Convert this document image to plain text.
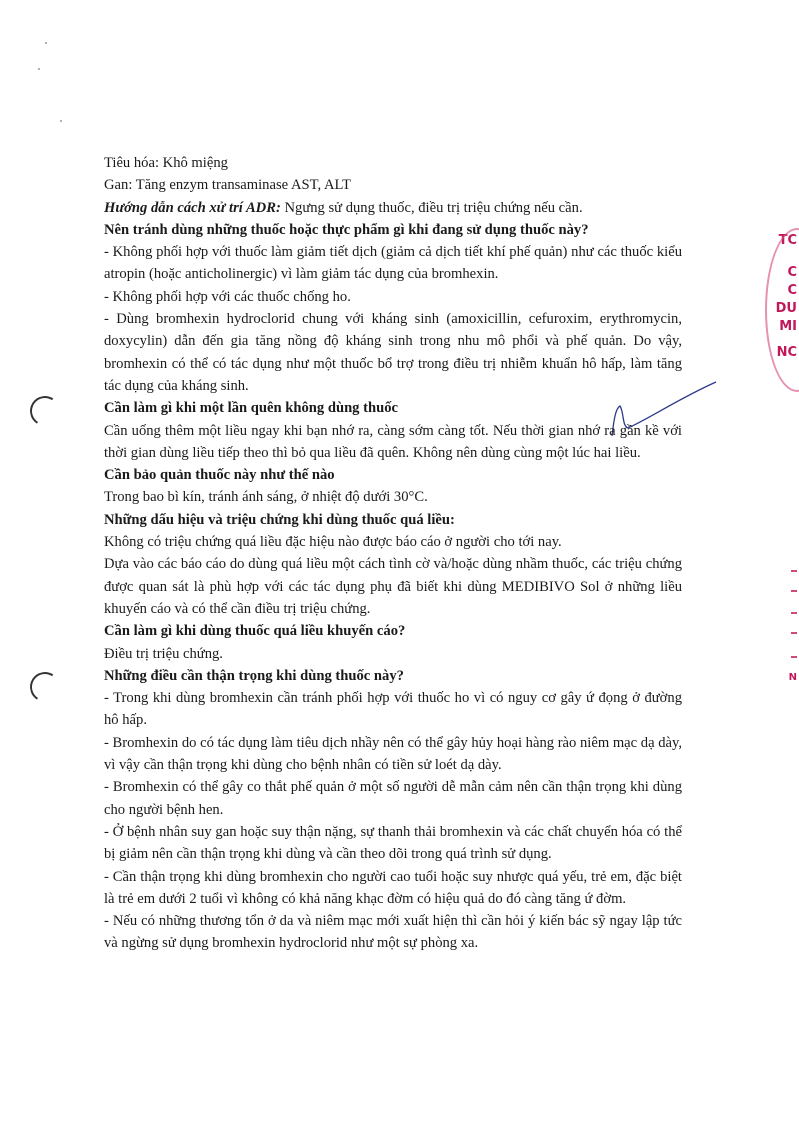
TC
C
C
DU
MI
NC
N

Tiêu hóa: Khô miệng

Gan: Tăng enzym transaminase AST, ALT

Hướng dẫn cách xử trí ADR: Ngưng sử dụng thuốc, điều trị triệu chứng nếu cần.

Nên tránh dùng những thuốc hoặc thực phẩm gì khi đang sử dụng thuốc này?

- Không phối hợp với thuốc làm giảm tiết dịch (giảm cả dịch tiết khí phế quản) như các thuốc kiểu atropin (hoặc anticholinergic) vì làm giảm tác dụng của bromhexin.

- Không phối hợp với các thuốc chống ho.

- Dùng bromhexin hydroclorid chung với kháng sinh (amoxicillin, cefuroxim, erythromycin, doxycylin) dẫn đến gia tăng nồng độ kháng sinh trong nhu mô phổi và phế quản. Do vậy, bromhexin có thể có tác dụng như một thuốc bổ trợ trong điều trị nhiễm khuẩn hô hấp, làm tăng tác dụng của kháng sinh.

Cần làm gì khi một lần quên không dùng thuốc

Cần uống thêm một liều ngay khi bạn nhớ ra, càng sớm càng tốt. Nếu thời gian nhớ ra gần kề với thời gian dùng liều tiếp theo thì bỏ qua liều đã quên. Không nên dùng cùng một lúc hai liều.

Cần bảo quản thuốc này như thế nào

Trong bao bì kín, tránh ánh sáng, ở nhiệt độ dưới 30°C.

Những dấu hiệu và triệu chứng khi dùng thuốc quá liều:

Không có triệu chứng quá liều đặc hiệu nào được báo cáo ở người cho tới nay.

Dựa vào các báo cáo do dùng quá liều một cách tình cờ và/hoặc dùng nhầm thuốc, các triệu chứng được quan sát là phù hợp với các tác dụng phụ đã biết khi dùng MEDIBIVO Sol ở những liều khuyến cáo và có thể cần điều trị triệu chứng.

Cần làm gì khi dùng thuốc quá liều khuyến cáo?

Điều trị triệu chứng.

Những điều cần thận trọng khi dùng thuốc này?

- Trong khi dùng bromhexin cần tránh phối hợp với thuốc ho vì có nguy cơ gây ứ đọng ở đường hô hấp.

- Bromhexin do có tác dụng làm tiêu dịch nhầy nên có thể gây hủy hoại hàng rào niêm mạc dạ dày, vì vậy cần thận trọng khi dùng cho bệnh nhân có tiền sử loét dạ dày.

- Bromhexin có thể gây co thắt phế quản ở một số người dễ mẫn cảm nên cần thận trọng khi dùng cho người bệnh hen.

- Ở bệnh nhân suy gan hoặc suy thận nặng, sự thanh thải bromhexin và các chất chuyển hóa có thể bị giảm nên cần thận trọng khi dùng và cần theo dõi trong quá trình sử dụng.

- Cần thận trọng khi dùng bromhexin cho người cao tuổi hoặc suy nhược quá yếu, trẻ em, đặc biệt là trẻ em dưới 2 tuổi vì không có khả năng khạc đờm có hiệu quả do đó càng tăng ứ đờm.

- Nếu có những thương tổn ở da và niêm mạc mới xuất hiện thì cần hỏi ý kiến bác sỹ ngay lập tức và ngừng sử dụng bromhexin hydroclorid như một sự phòng xa.
